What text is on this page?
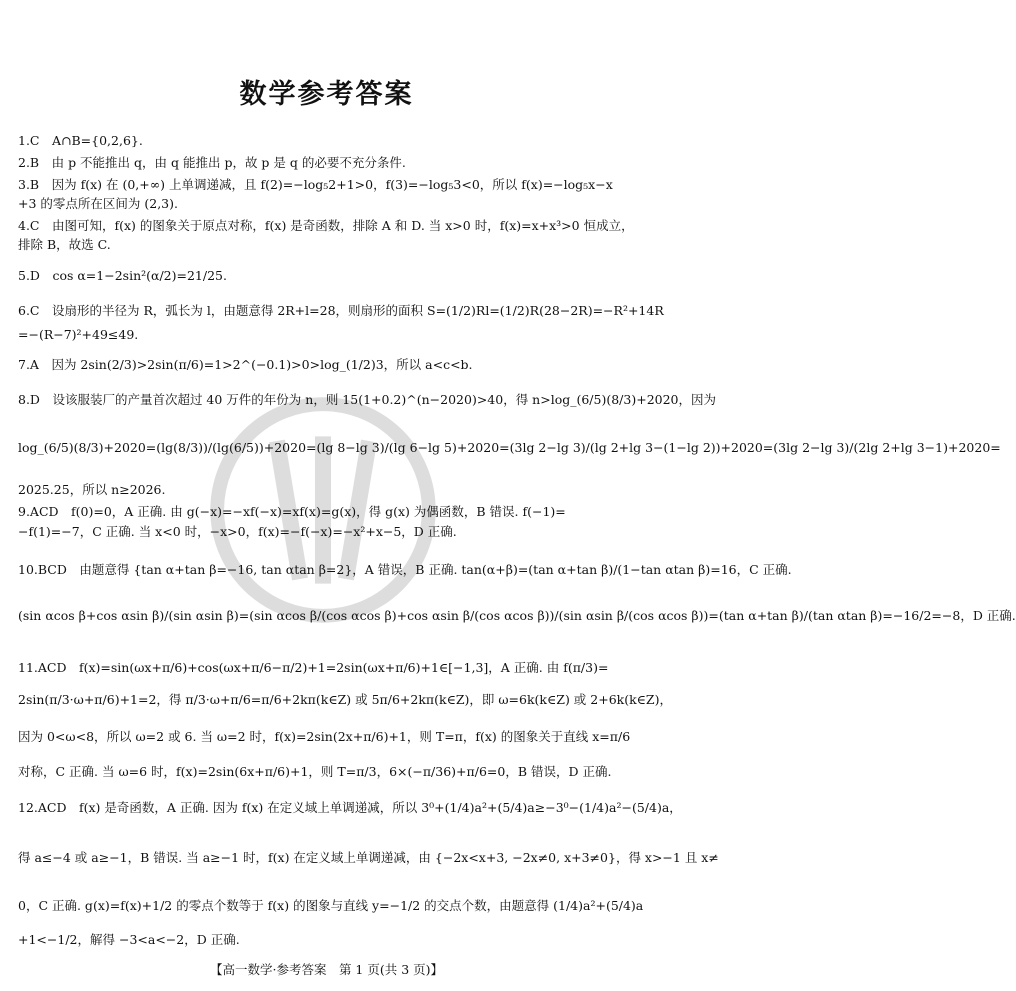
数学参考答案
1.C　A∩B={0,2,6}.
2.B　由 p 不能推出 q，由 q 能推出 p，故 p 是 q 的必要不充分条件.
3.B　因为 f(x) 在 (0,+∞) 上单调递减，且 f(2)=−log₅2+1>0，f(3)=−log₅3<0，所以 f(x)=−log₅x−x
+3 的零点所在区间为 (2,3).
4.C　由图可知，f(x) 的图象关于原点对称，f(x) 是奇函数，排除 A 和 D. 当 x>0 时，f(x)=x+x³>0 恒成立，
排除 B，故选 C.
5.D　cos α=1−2sin²(α/2)=21/25.
6.C　设扇形的半径为 R，弧长为 l，由题意得 2R+l=28，则扇形的面积 S=(1/2)Rl=(1/2)R(28−2R)=−R²+14R
=−(R−7)²+49≤49.
7.A　因为 2sin(2/3)>2sin(π/6)=1>2^(−0.1)>0>log_(1/2)3，所以 a<c<b.
8.D　设该服装厂的产量首次超过 40 万件的年份为 n，则 15(1+0.2)^(n−2020)>40，得 n>log_(6/5)(8/3)+2020，因为
log_(6/5)(8/3)+2020=(lg(8/3))/(lg(6/5))+2020=(lg 8−lg 3)/(lg 6−lg 5)+2020=(3lg 2−lg 3)/(lg 2+lg 3−(1−lg 2))+2020=(3lg 2−lg 3)/(2lg 2+lg 3−1)+2020=
2025.25，所以 n≥2026.
9.ACD　f(0)=0，A 正确. 由 g(−x)=−xf(−x)=xf(x)=g(x)，得 g(x) 为偶函数，B 错误. f(−1)=
−f(1)=−7，C 正确. 当 x<0 时，−x>0，f(x)=−f(−x)=−x²+x−5，D 正确.
10.BCD　由题意得 {tan α+tan β=−16, tan αtan β=2}，A 错误，B 正确. tan(α+β)=(tan α+tan β)/(1−tan αtan β)=16，C 正确.
(sin αcos β+cos αsin β)/(sin αsin β)=(sin αcos β/(cos αcos β)+cos αsin β/(cos αcos β))/(sin αsin β/(cos αcos β))=(tan α+tan β)/(tan αtan β)=−16/2=−8，D 正确.
11.ACD　f(x)=sin(ωx+π/6)+cos(ωx+π/6−π/2)+1=2sin(ωx+π/6)+1∈[−1,3]，A 正确. 由 f(π/3)=
2sin(π/3·ω+π/6)+1=2，得 π/3·ω+π/6=π/6+2kπ(k∈Z) 或 5π/6+2kπ(k∈Z)，即 ω=6k(k∈Z) 或 2+6k(k∈Z)，
因为 0<ω<8，所以 ω=2 或 6. 当 ω=2 时，f(x)=2sin(2x+π/6)+1，则 T=π，f(x) 的图象关于直线 x=π/6
对称，C 正确. 当 ω=6 时，f(x)=2sin(6x+π/6)+1，则 T=π/3，6×(−π/36)+π/6=0，B 错误，D 正确.
12.ACD　f(x) 是奇函数，A 正确. 因为 f(x) 在定义域上单调递减，所以 3⁰+(1/4)a²+(5/4)a≥−3⁰−(1/4)a²−(5/4)a，
得 a≤−4 或 a≥−1，B 错误. 当 a≥−1 时，f(x) 在定义域上单调递减，由 {−2x<x+3, −2x≠0, x+3≠0}，得 x>−1 且 x≠
0，C 正确. g(x)=f(x)+1/2 的零点个数等于 f(x) 的图象与直线 y=−1/2 的交点个数，由题意得 (1/4)a²+(5/4)a
+1<−1/2，解得 −3<a<−2，D 正确.
【高一数学·参考答案　第 1 页(共 3 页)】
